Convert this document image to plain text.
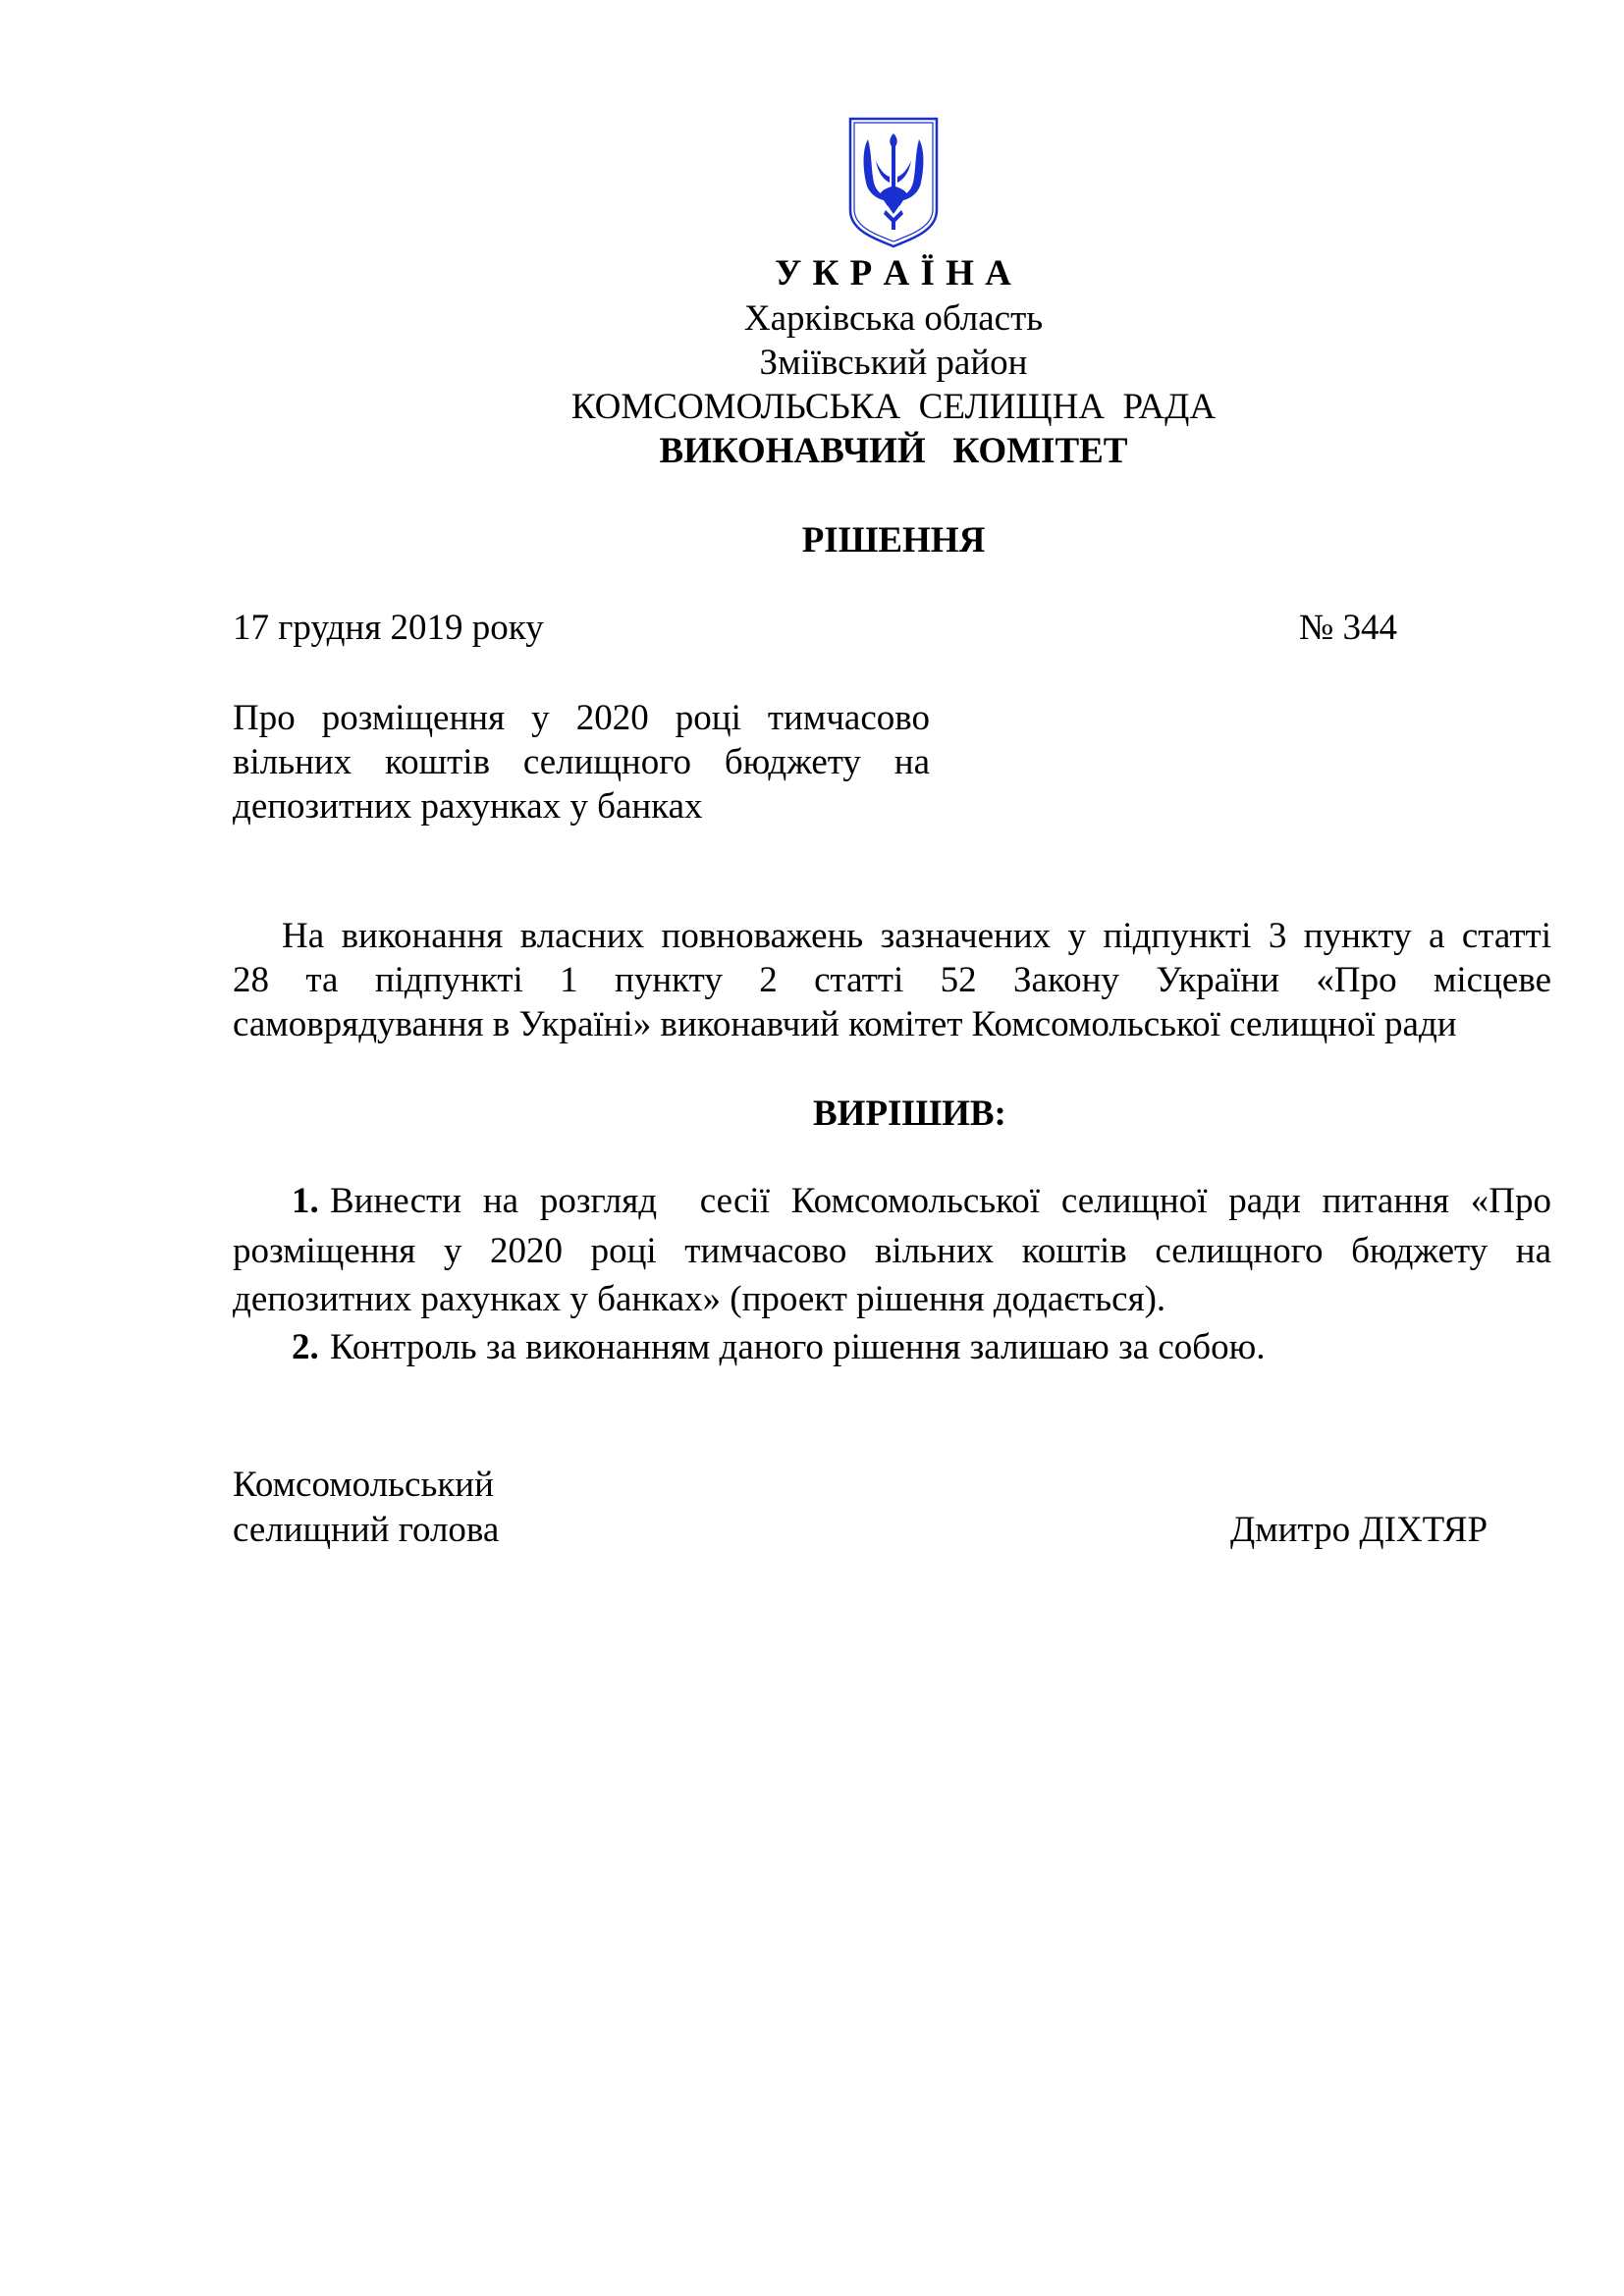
У К Р А Ї Н А
Харківська область
Зміївський район
КОМСОМОЛЬСЬКА  СЕЛИЩНА  РАДА
ВИКОНАВЧИЙ   КОМІТЕТ
РІШЕННЯ
17 грудня 2019 року	№ 344
Про розміщення у 2020 році тимчасово
вільних коштів селищного бюджету на
депозитних рахунках у банках
На виконання власних повноважень зазначених у підпункті 3 пункту а статті
28 та підпункті 1 пункту 2 статті 52 Закону України «Про місцеве
самоврядування в Україні» виконавчий комітет Комсомольської селищної ради
ВИРІШИВ:
1. Винести на розгляд  сесії Комсомольської селищної ради питання «Про
розміщення у 2020 році тимчасово вільних коштів селищного бюджету на
депозитних рахунках у банках» (проект рішення додається).
2. Контроль за виконанням даного рішення залишаю за собою.
Комсомольський
селищний голова	Дмитро ДІХТЯР
